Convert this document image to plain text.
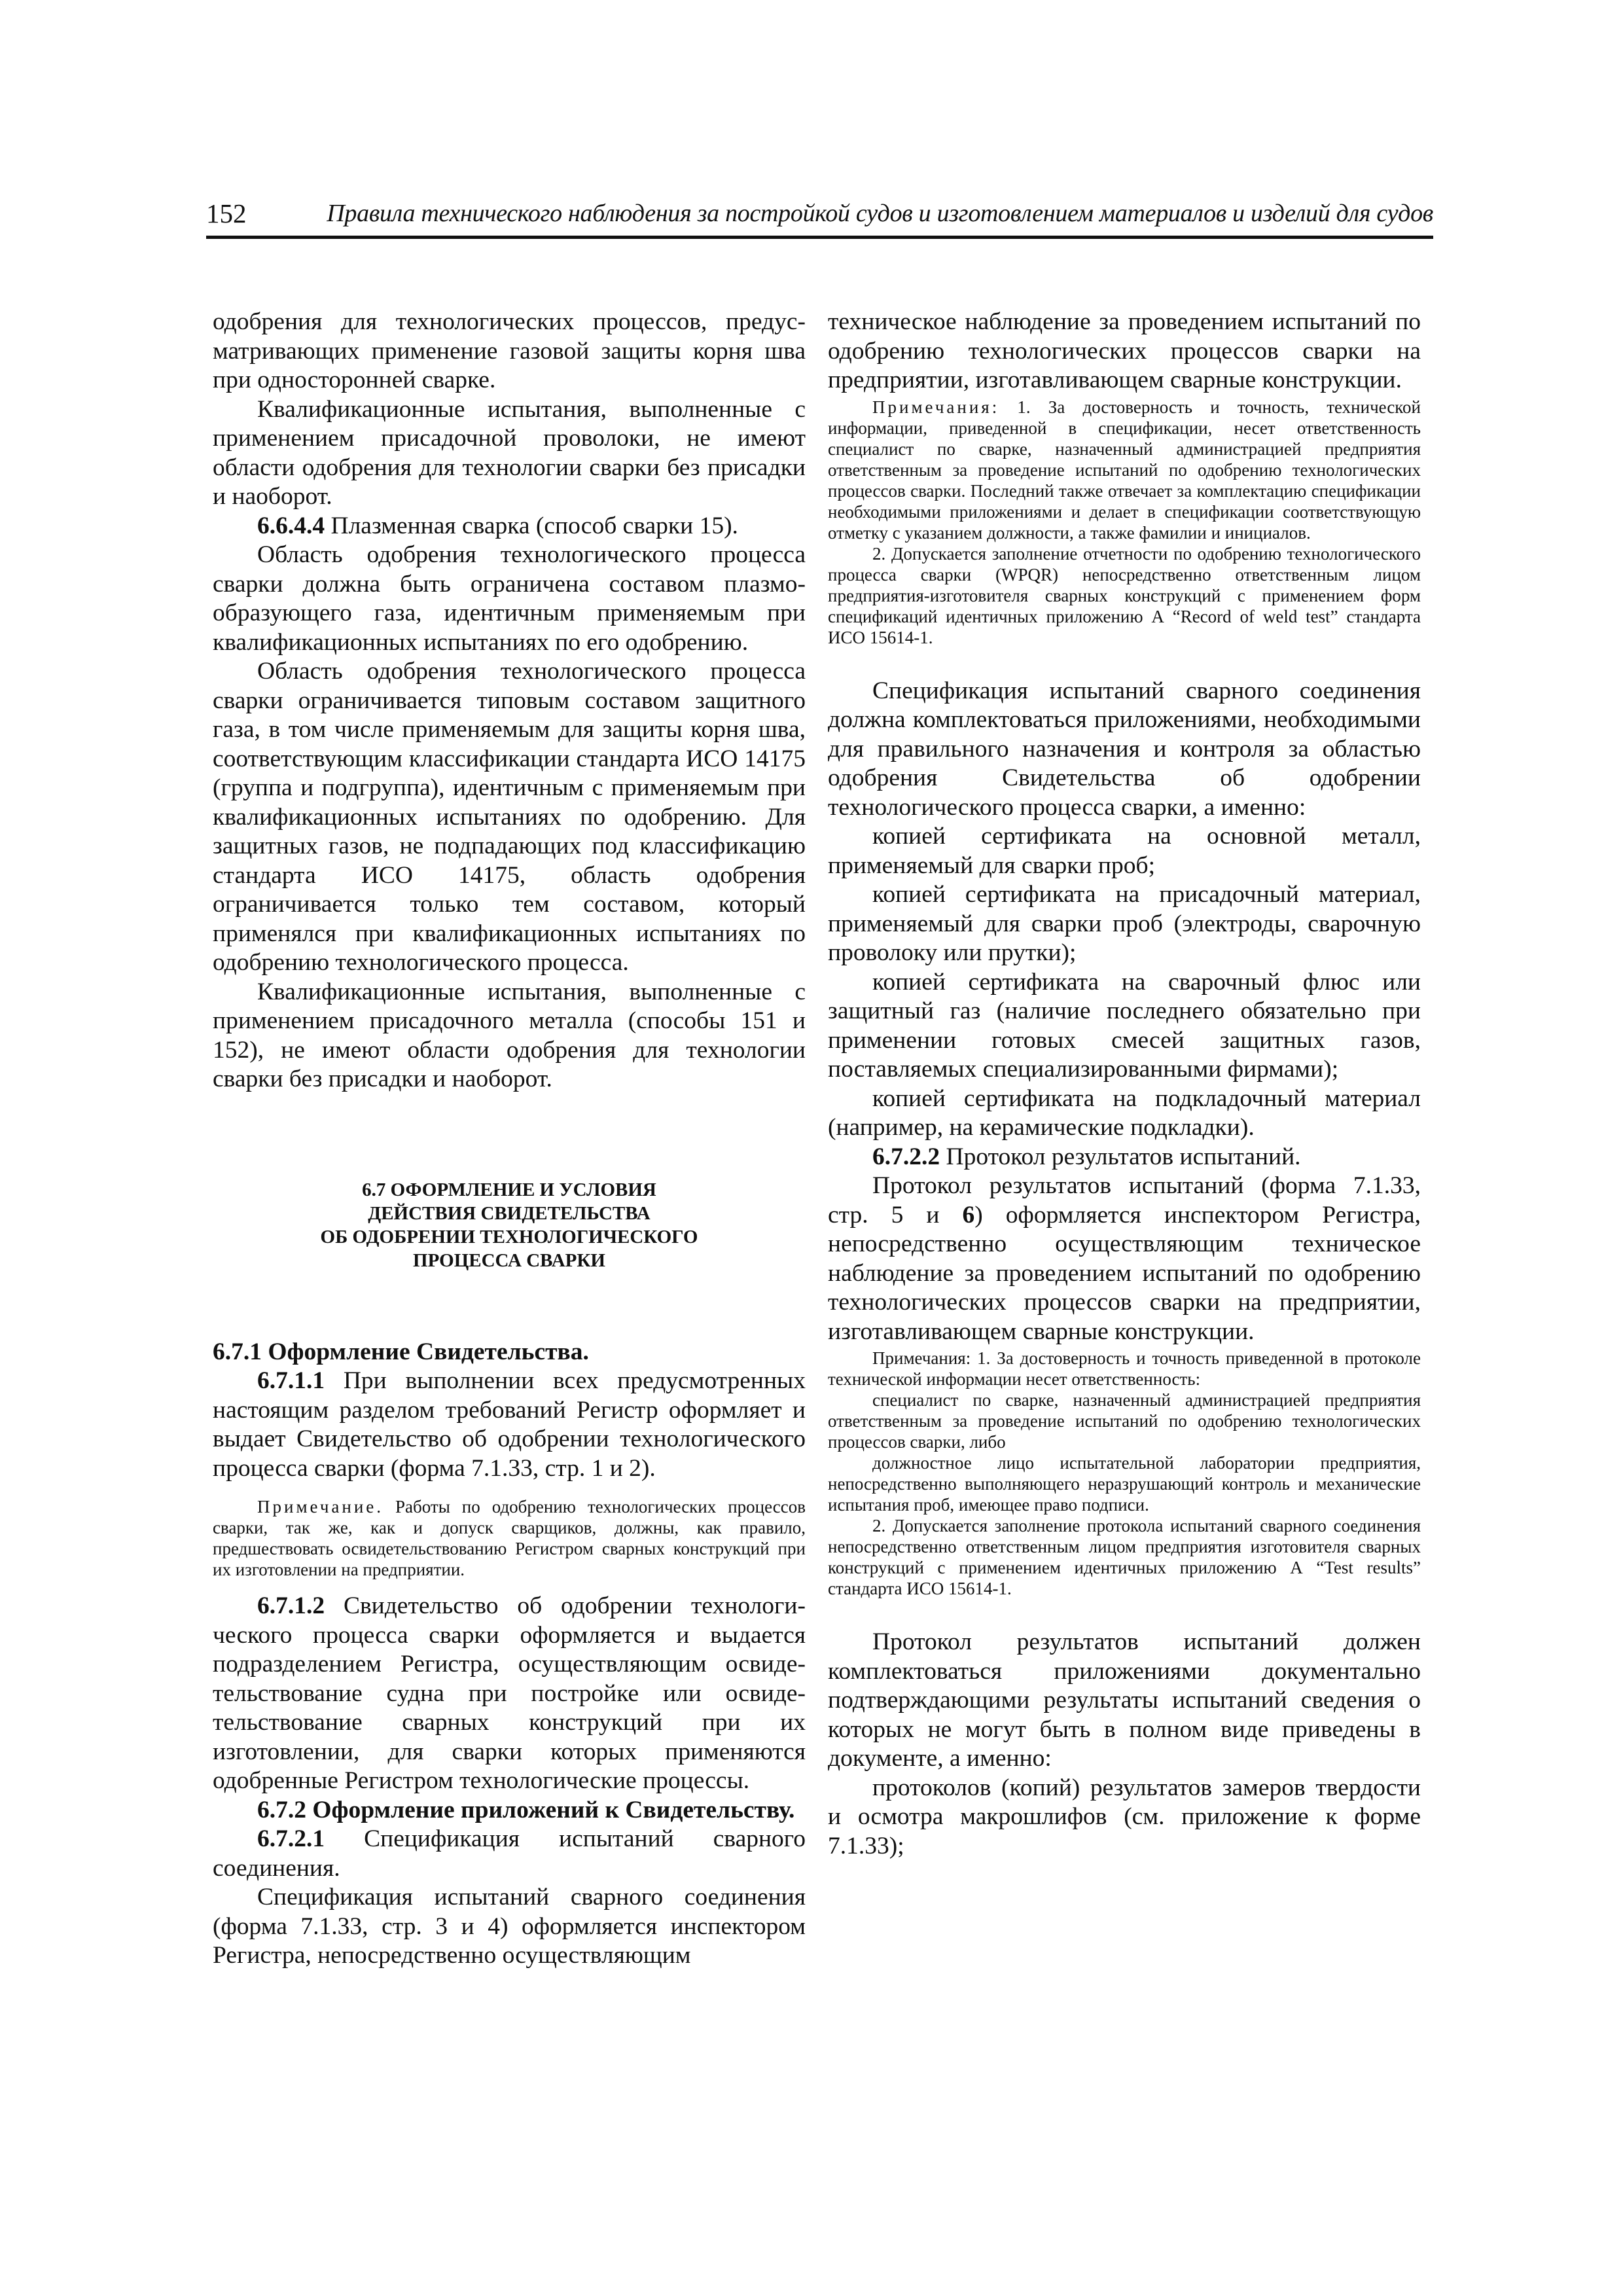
152	Правила технического наблюдения за постройкой судов и изготовлением материалов и изделий для судов

одобрения для технологических процессов, предусматривающих применение газовой защиты корня шва при односторонней сварке.

Квалификационные испытания, выполненные с применением присадочной проволоки, не имеют области одобрения для технологии сварки без присадки и наоборот.

6.6.4.4 Плазменная сварка (способ сварки 15).

Область одобрения технологического процесса сварки должна быть ограничена составом плазмообразующего газа, идентичным применяемым при квалификационных испытаниях по его одобрению.

Область одобрения технологического процесса сварки ограничивается типовым составом защитного газа, в том числе применяемым для защиты корня шва, соответствующим классификации стандарта ИСО 14175 (группа и подгруппа), идентичным с применяемым при квалификационных испытаниях по одобрению. Для защитных газов, не подпадающих под классификацию стандарта ИСО 14175, область одобрения ограничивается только тем составом, который применялся при квалификационных испытаниях по одобрению технологического процесса.

Квалификационные испытания, выполненные с применением присадочного металла (способы 151 и 152), не имеют области одобрения для технологии сварки без присадки и наоборот.

6.7 ОФОРМЛЕНИЕ И УСЛОВИЯ
ДЕЙСТВИЯ СВИДЕТЕЛЬСТВА
ОБ ОДОБРЕНИИ ТЕХНОЛОГИЧЕСКОГО
ПРОЦЕССА СВАРКИ

6.7.1 Оформление Свидетельства.

6.7.1.1 При выполнении всех предусмотренных настоящим разделом требований Регистр оформляет и выдает Свидетельство об одобрении технологического процесса сварки (форма 7.1.33, стр. 1 и 2).

Примечание. Работы по одобрению технологических процессов сварки, так же, как и допуск сварщиков, должны, как правило, предшествовать освидетельствованию Регистром сварных конструкций при их изготовлении на предприятии.

6.7.1.2 Свидетельство об одобрении технологического процесса сварки оформляется и выдается подразделением Регистра, осуществляющим освидетельствование судна при постройке или освидетельствование сварных конструкций при их изготовлении, для сварки которых применяются одобренные Регистром технологические процессы.

6.7.2 Оформление приложений к Свидетельству.

6.7.2.1 Спецификация испытаний сварного соединения.

Спецификация испытаний сварного соединения (форма 7.1.33, стр. 3 и 4) оформляется инспектором Регистра, непосредственно осуществляющим

техническое наблюдение за проведением испытаний по одобрению технологических процессов сварки на предприятии, изготавливающем сварные конструкции.

Примечания: 1. За достоверность и точность, технической информации, приведенной в спецификации, несет ответственность специалист по сварке, назначенный администрацией предприятия ответственным за проведение испытаний по одобрению технологических процессов сварки. Последний также отвечает за комплектацию спецификации необходимыми приложениями и делает в спецификации соответствующую отметку с указанием должности, а также фамилии и инициалов.

2. Допускается заполнение отчетности по одобрению технологического процесса сварки (WPQR) непосредственно ответственным лицом предприятия-изготовителя сварных конструкций с применением форм спецификаций идентичных приложению А “Record of weld test” стандарта ИСО 15614-1.

Спецификация испытаний сварного соединения должна комплектоваться приложениями, необходимыми для правильного назначения и контроля за областью одобрения Свидетельства об одобрении технологического процесса сварки, а именно:

копией сертификата на основной металл, применяемый для сварки проб;

копией сертификата на присадочный материал, применяемый для сварки проб (электроды, сварочную проволоку или прутки);

копией сертификата на сварочный флюс или защитный газ (наличие последнего обязательно при применении готовых смесей защитных газов, поставляемых специализированными фирмами);

копией сертификата на подкладочный материал (например, на керамические подкладки).

6.7.2.2 Протокол результатов испытаний.

Протокол результатов испытаний (форма 7.1.33, стр. 5 и 6) оформляется инспектором Регистра, непосредственно осуществляющим техническое наблюдение за проведением испытаний по одобрению технологических процессов сварки на предприятии, изготавливающем сварные конструкции.

Примечания: 1. За достоверность и точность приведенной в протоколе технической информации несет ответственность:

специалист по сварке, назначенный администрацией предприятия ответственным за проведение испытаний по одобрению технологических процессов сварки, либо

должностное лицо испытательной лаборатории предприятия, непосредственно выполняющего неразрушающий контроль и механические испытания проб, имеющее право подписи.

2. Допускается заполнение протокола испытаний сварного соединения непосредственно ответственным лицом предприятия изготовителя сварных конструкций с применением идентичных приложению А “Test results” стандарта ИСО 15614-1.

Протокол результатов испытаний должен комплектоваться приложениями документально подтверждающими результаты испытаний сведения о которых не могут быть в полном виде приведены в документе, а именно:

протоколов (копий) результатов замеров твердости и осмотра макрошлифов (см. приложение к форме 7.1.33);
